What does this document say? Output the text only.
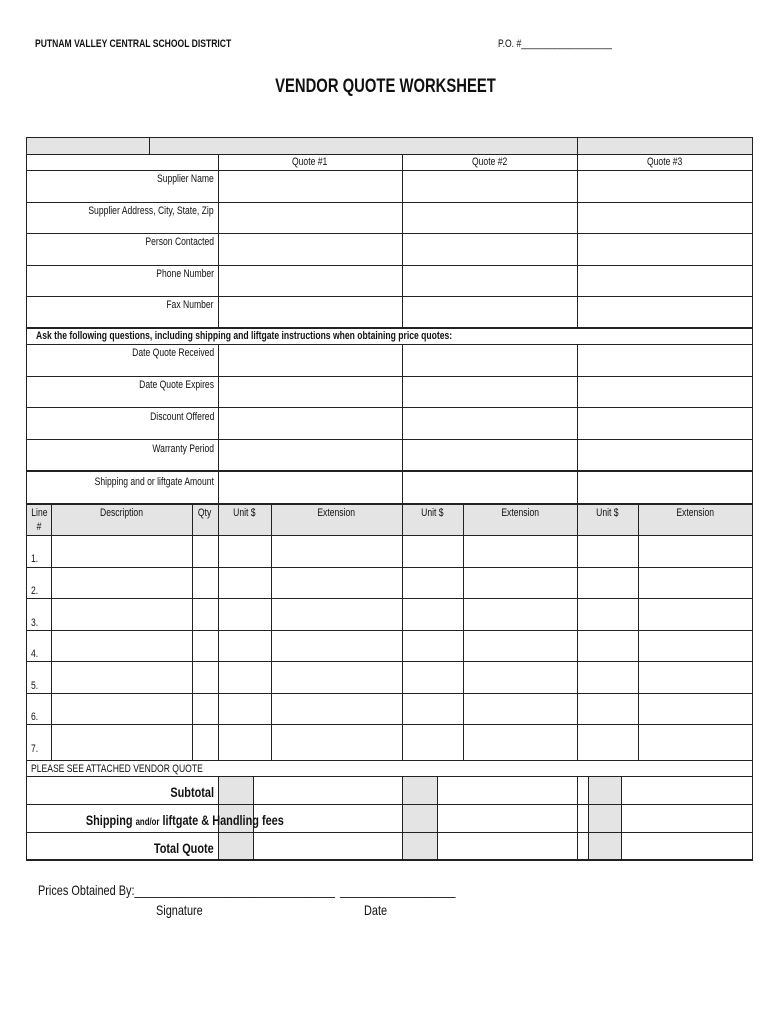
PUTNAM VALLEY CENTRAL SCHOOL DISTRICT	P.O. #___________________
VENDOR QUOTE WORKSHEET
Quote #1	Quote #2	Quote #3
Supplier Name
Supplier Address, City, State, Zip
Person Contacted
Phone Number
Fax Number
Ask the following questions, including shipping and liftgate instructions when obtaining price quotes:
Date Quote Received
Date Quote Expires
Discount Offered
Warranty Period
Shipping and or liftgate Amount
Line
#
Description	Qty	Unit $	Extension	Unit $	Extension	Unit $	Extension
1.
2.
3.
4.
5.
6.
7.
PLEASE SEE ATTACHED VENDOR QUOTE
Subtotal
Shipping and/or liftgate & Handling fees
Total Quote
Prices Obtained By:_________________________________ ___________________
Signature	Date
